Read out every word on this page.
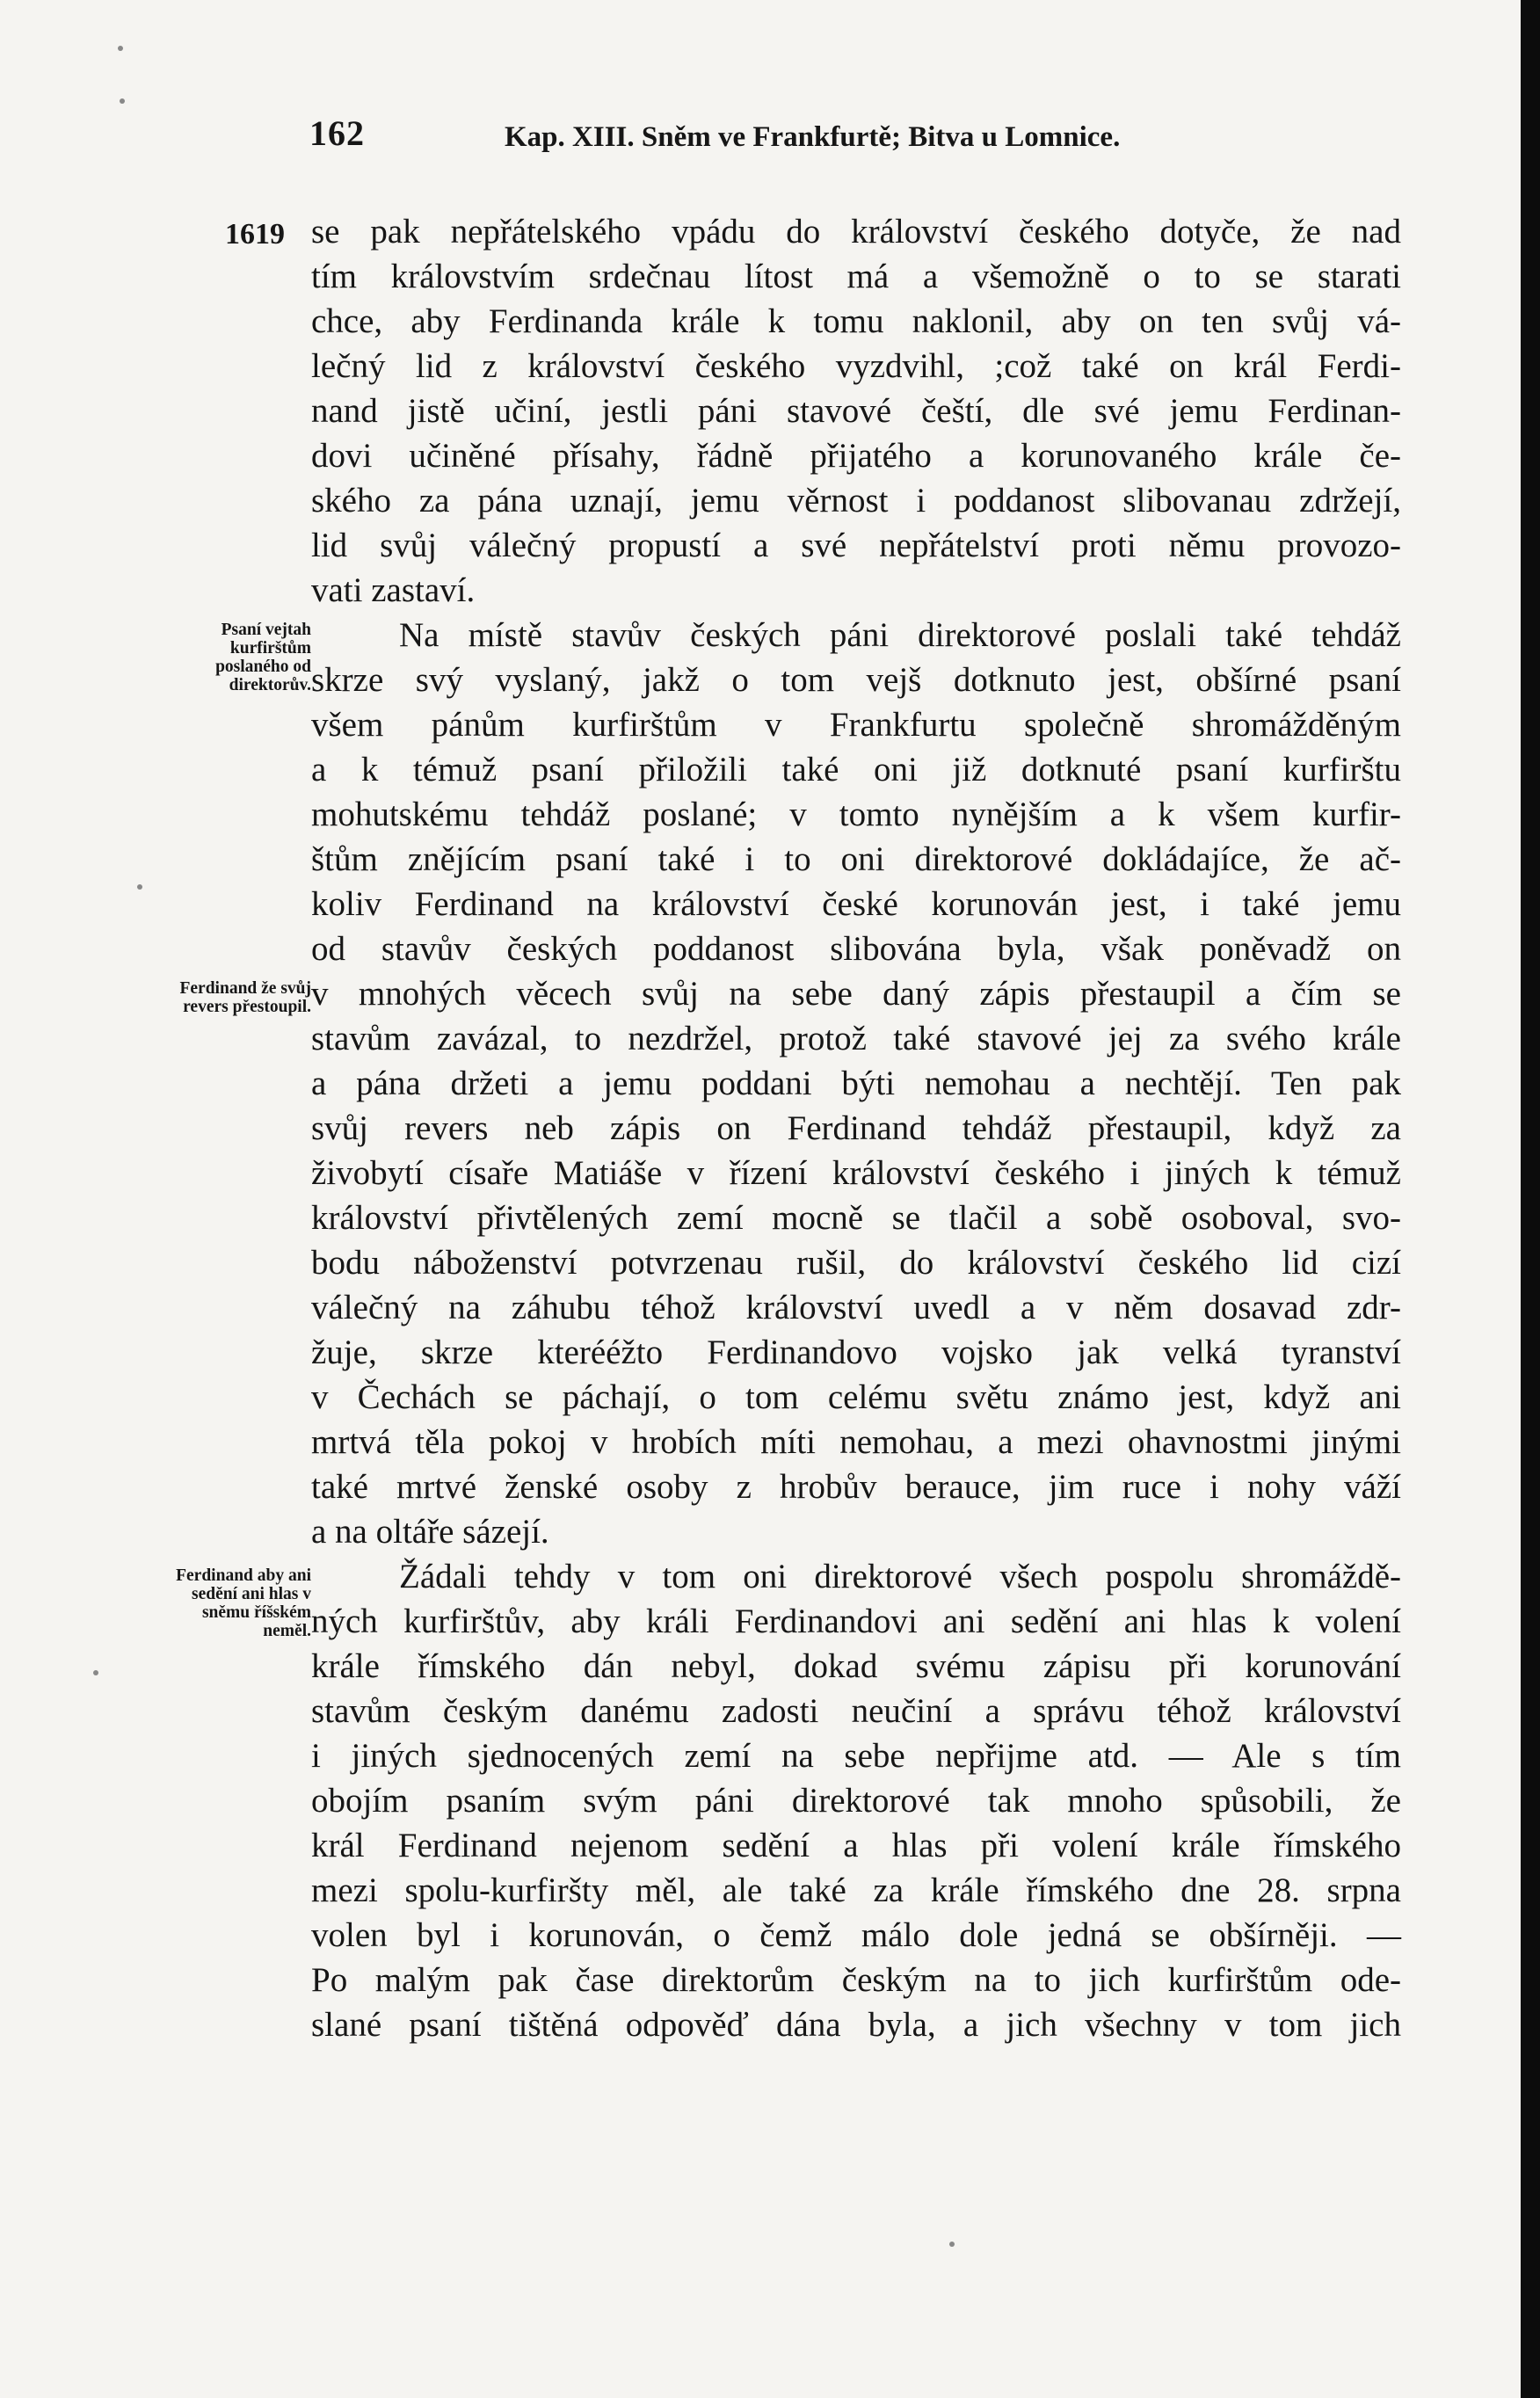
162	Kap. XIII. Sněm ve Frankfurtě; Bitva u Lomnice.
1619
Psaní vejtah kurfirštům poslaného od direktorův.
Ferdinand že svůj revers přestoupil.
Ferdinand aby ani sedění ani hlas v sněmu říšském neměl.
se pak nepřátelského vpádu do království českého dotyče, že nad
tím královstvím srdečnau lítost má a všemožně o to se starati
chce, aby Ferdinanda krále k tomu naklonil, aby on ten svůj vá-
lečný lid z království českého vyzdvihl, ;což také on král Ferdi-
nand jistě učiní, jestli páni stavové čeští, dle své jemu Ferdinan-
dovi učiněné přísahy, řádně přijatého a korunovaného krále če-
ského za pána uznají, jemu věrnost i poddanost slibovanau zdržejí,
lid svůj válečný propustí a své nepřátelství proti němu provozo-
vati zastaví.
Na místě stavův českých páni direktorové poslali také tehdáž
skrze svý vyslaný, jakž o tom vejš dotknuto jest, obšírné psaní
všem pánům kurfirštům v Frankfurtu společně shromážděným
a k témuž psaní přiložili také oni již dotknuté psaní kurfirštu
mohutskému tehdáž poslané; v tomto nynějším a k všem kurfir-
štům znějícím psaní také i to oni direktorové dokládajíce, že ač-
koliv Ferdinand na království české korunován jest, i také jemu
od stavův českých poddanost slibována byla, však poněvadž on
v mnohých věcech svůj na sebe daný zápis přestaupil a čím se
stavům zavázal, to nezdržel, protož také stavové jej za svého krále
a pána držeti a jemu poddani býti nemohau a nechtějí. Ten pak
svůj revers neb zápis on Ferdinand tehdáž přestaupil, když za
živobytí císaře Matiáše v řízení království českého i jiných k témuž
království přivtělených zemí mocně se tlačil a sobě osoboval, svo-
bodu náboženství potvrzenau rušil, do království českého lid cizí
válečný na záhubu téhož království uvedl a v něm dosavad zdr-
žuje, skrze kterééžto Ferdinandovo vojsko jak velká tyranství
v Čechách se páchají, o tom celému světu známo jest, když ani
mrtvá těla pokoj v hrobích míti nemohau, a mezi ohavnostmi jinými
také mrtvé ženské osoby z hrobův berauce, jim ruce i nohy váží
a na oltáře sázejí.
Žádali tehdy v tom oni direktorové všech pospolu shromáždě-
ných kurfirštův, aby králi Ferdinandovi ani sedění ani hlas k volení
krále římského dán nebyl, dokad svému zápisu při korunování
stavům českým danému zadosti neučiní a správu téhož království
i jiných sjednocených zemí na sebe nepřijme atd. — Ale s tím
obojím psaním svým páni direktorové tak mnoho spůsobili, že
král Ferdinand nejenom sedění a hlas při volení krále římského
mezi spolu-kurfiršty měl, ale také za krále římského dne 28. srpna
volen byl i korunován, o čemž málo dole jedná se obšírněji. —
Po malým pak čase direktorům českým na to jich kurfirštům ode-
slané psaní tištěná odpověď dána byla, a jich všechny v tom jich
